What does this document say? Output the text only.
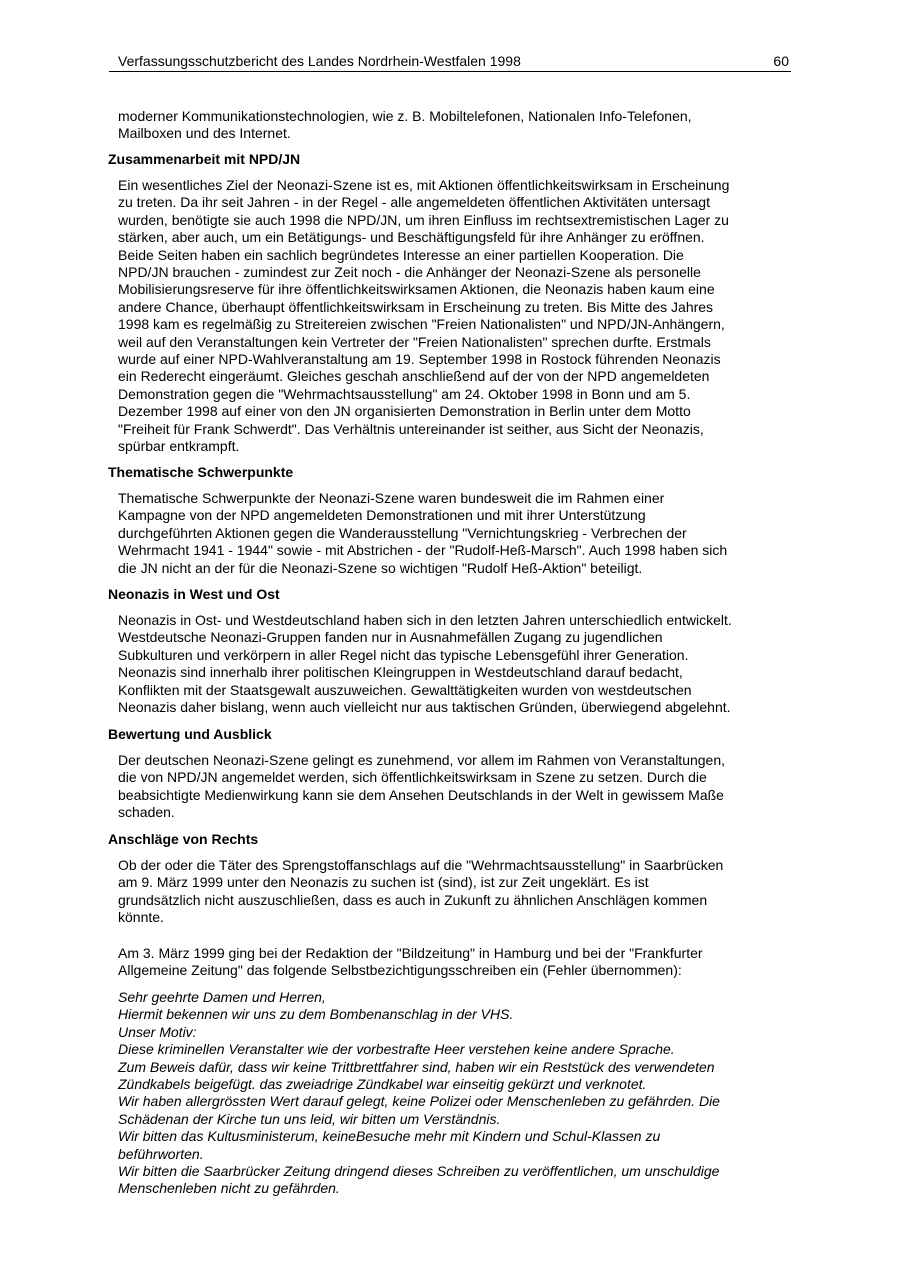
Verfassungsschutzbericht des Landes Nordrhein-Westfalen 1998	60
moderner Kommunikationstechnologien, wie z. B. Mobiltelefonen, Nationalen Info-Telefonen,
Mailboxen und des Internet.
Zusammenarbeit mit NPD/JN
Ein wesentliches Ziel der Neonazi-Szene ist es, mit Aktionen öffentlichkeitswirksam in Erscheinung
zu treten. Da ihr seit Jahren - in der Regel - alle angemeldeten öffentlichen Aktivitäten untersagt
wurden, benötigte sie auch 1998 die NPD/JN, um ihren Einfluss im rechtsextremistischen Lager zu
stärken, aber auch, um ein Betätigungs- und Beschäftigungsfeld für ihre Anhänger zu eröffnen.
Beide Seiten haben ein sachlich begründetes Interesse an einer partiellen Kooperation. Die
NPD/JN brauchen - zumindest zur Zeit noch - die Anhänger der Neonazi-Szene als personelle
Mobilisierungsreserve für ihre öffentlichkeitswirksamen Aktionen, die Neonazis haben kaum eine
andere Chance, überhaupt öffentlichkeitswirksam in Erscheinung zu treten. Bis Mitte des Jahres
1998 kam es regelmäßig zu Streitereien zwischen "Freien Nationalisten" und NPD/JN-Anhängern,
weil auf den Veranstaltungen kein Vertreter der "Freien Nationalisten" sprechen durfte. Erstmals
wurde auf einer NPD-Wahlveranstaltung am 19. September 1998 in Rostock führenden Neonazis
ein Rederecht eingeräumt. Gleiches geschah anschließend auf der von der NPD angemeldeten
Demonstration gegen die "Wehrmachtsausstellung" am 24. Oktober 1998 in Bonn und am 5.
Dezember 1998 auf einer von den JN organisierten Demonstration in Berlin unter dem Motto
"Freiheit für Frank Schwerdt". Das Verhältnis untereinander ist seither, aus Sicht der Neonazis,
spürbar entkrampft.
Thematische Schwerpunkte
Thematische Schwerpunkte der Neonazi-Szene waren bundesweit die im Rahmen einer
Kampagne von der NPD angemeldeten Demonstrationen und mit ihrer Unterstützung
durchgeführten Aktionen gegen die Wanderausstellung "Vernichtungskrieg - Verbrechen der
Wehrmacht 1941 - 1944" sowie - mit Abstrichen - der "Rudolf-Heß-Marsch". Auch 1998 haben sich
die JN nicht an der für die Neonazi-Szene so wichtigen "Rudolf Heß-Aktion" beteiligt.
Neonazis in West und Ost
Neonazis in Ost- und Westdeutschland haben sich in den letzten Jahren unterschiedlich entwickelt.
Westdeutsche Neonazi-Gruppen fanden nur in Ausnahmefällen Zugang zu jugendlichen
Subkulturen und verkörpern in aller Regel nicht das typische Lebensgefühl ihrer Generation.
Neonazis sind innerhalb ihrer politischen Kleingruppen in Westdeutschland darauf bedacht,
Konflikten mit der Staatsgewalt auszuweichen. Gewalttätigkeiten wurden von westdeutschen
Neonazis daher bislang, wenn auch vielleicht nur aus taktischen Gründen, überwiegend abgelehnt.
Bewertung und Ausblick
Der deutschen Neonazi-Szene gelingt es zunehmend, vor allem im Rahmen von Veranstaltungen,
die von NPD/JN angemeldet werden, sich öffentlichkeitswirksam in Szene zu setzen. Durch die
beabsichtigte Medienwirkung kann sie dem Ansehen Deutschlands in der Welt in gewissem Maße
schaden.
Anschläge von Rechts
Ob der oder die Täter des Sprengstoffanschlags auf die "Wehrmachtsausstellung" in Saarbrücken
am 9. März 1999 unter den Neonazis zu suchen ist (sind), ist zur Zeit ungeklärt. Es ist
grundsätzlich nicht auszuschließen, dass es auch in Zukunft zu ähnlichen Anschlägen kommen
könnte.
Am 3. März 1999 ging bei der Redaktion der "Bildzeitung" in Hamburg und bei der "Frankfurter
Allgemeine Zeitung" das folgende Selbstbezichtigungsschreiben ein (Fehler übernommen):
Sehr geehrte Damen und Herren,
Hiermit bekennen wir uns zu dem Bombenanschlag in der VHS.
Unser Motiv:
Diese kriminellen Veranstalter wie der vorbestrafte Heer verstehen keine andere Sprache.
Zum Beweis dafür, dass wir keine Trittbrettfahrer sind, haben wir ein Reststück des verwendeten
Zündkabels beigefügt. das zweiadrige Zündkabel war einseitig gekürzt und verknotet.
Wir haben allergrössten Wert darauf gelegt, keine Polizei oder Menschenleben zu gefährden. Die
Schädenan der Kirche tun uns leid, wir bitten um Verständnis.
Wir bitten das Kultusministerum, keineBesuche mehr mit Kindern und Schul-Klassen zu
beführworten.
Wir bitten die Saarbrücker Zeitung dringend dieses Schreiben zu veröffentlichen, um unschuldige
Menschenleben nicht zu gefährden.
